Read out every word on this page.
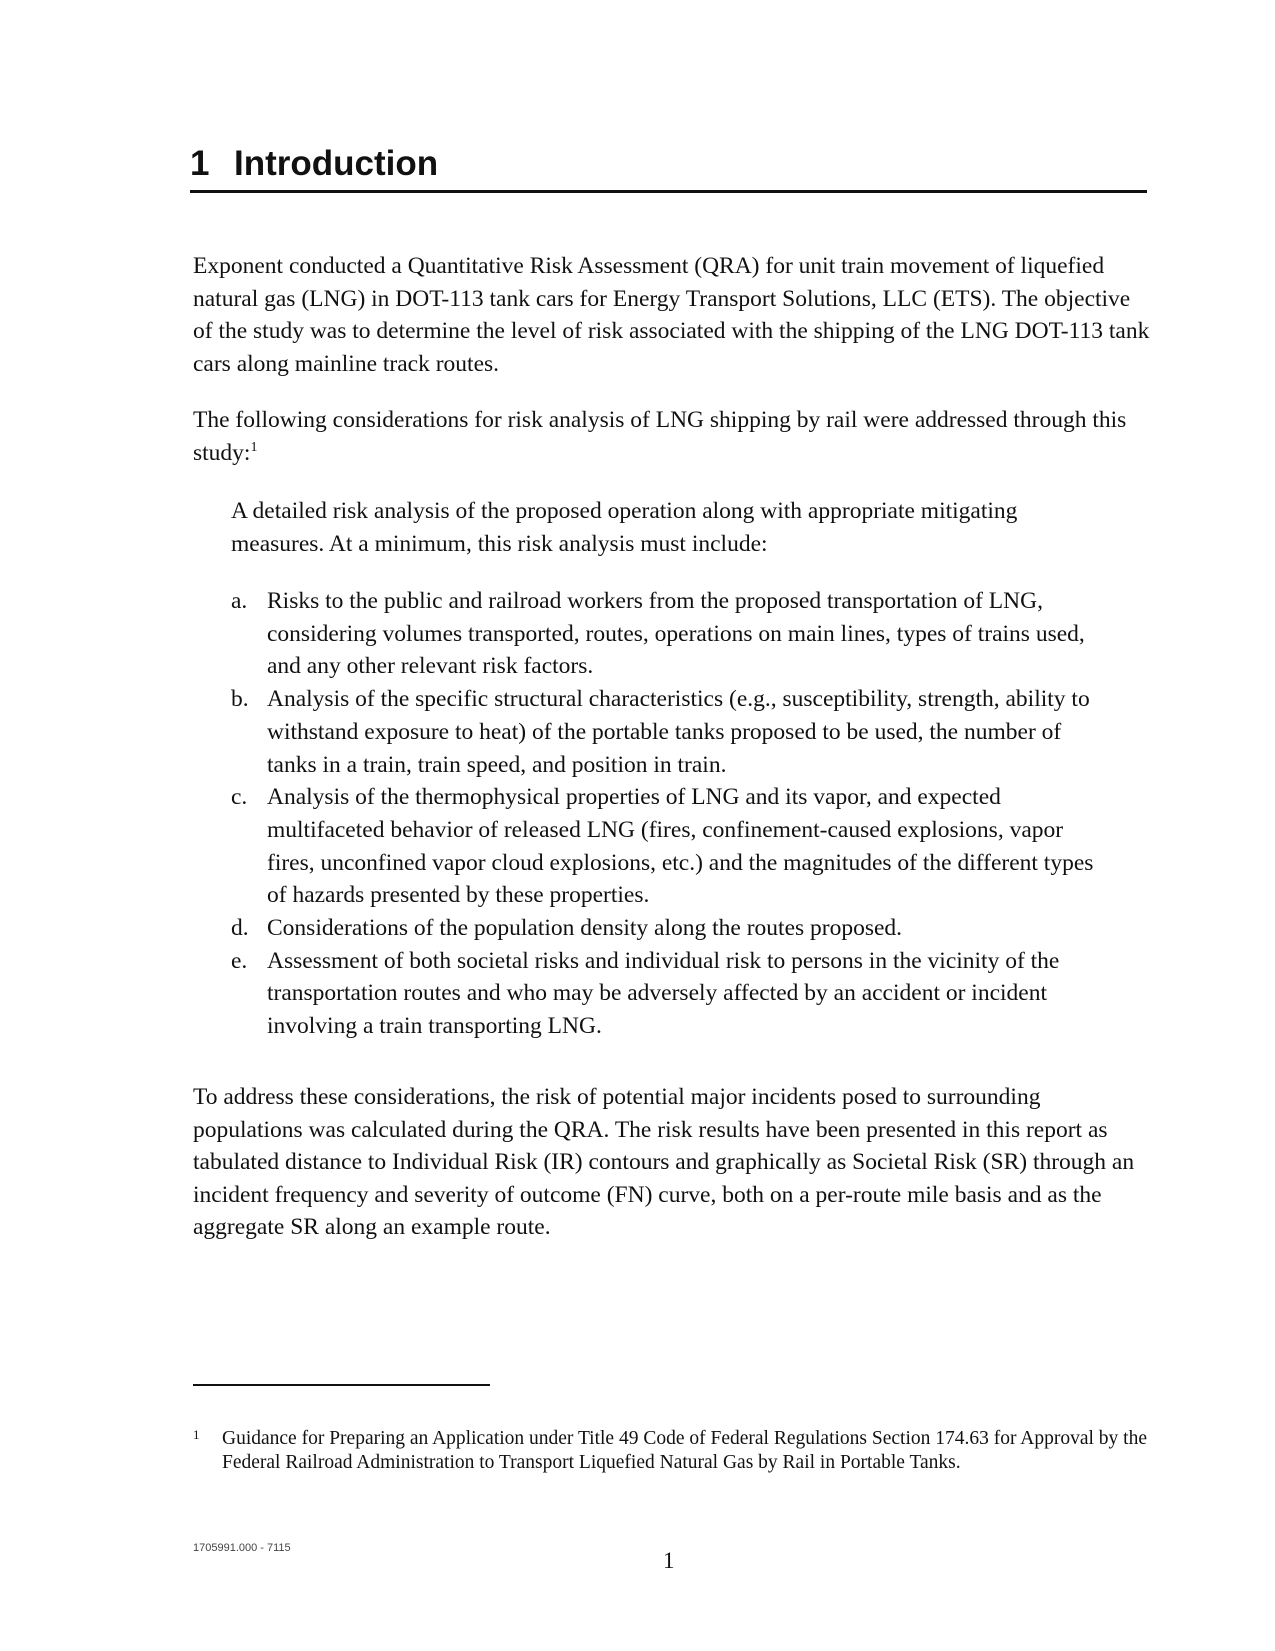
1 Introduction
Exponent conducted a Quantitative Risk Assessment (QRA) for unit train movement of liquefied natural gas (LNG) in DOT-113 tank cars for Energy Transport Solutions, LLC (ETS). The objective of the study was to determine the level of risk associated with the shipping of the LNG DOT-113 tank cars along mainline track routes.
The following considerations for risk analysis of LNG shipping by rail were addressed through this study:$^1$
A detailed risk analysis of the proposed operation along with appropriate mitigating measures. At a minimum, this risk analysis must include:
a. Risks to the public and railroad workers from the proposed transportation of LNG, considering volumes transported, routes, operations on main lines, types of trains used, and any other relevant risk factors.
b. Analysis of the specific structural characteristics (e.g., susceptibility, strength, ability to withstand exposure to heat) of the portable tanks proposed to be used, the number of tanks in a train, train speed, and position in train.
c. Analysis of the thermophysical properties of LNG and its vapor, and expected multifaceted behavior of released LNG (fires, confinement-caused explosions, vapor fires, unconfined vapor cloud explosions, etc.) and the magnitudes of the different types of hazards presented by these properties.
d. Considerations of the population density along the routes proposed.
e. Assessment of both societal risks and individual risk to persons in the vicinity of the transportation routes and who may be adversely affected by an accident or incident involving a train transporting LNG.
To address these considerations, the risk of potential major incidents posed to surrounding populations was calculated during the QRA. The risk results have been presented in this report as tabulated distance to Individual Risk (IR) contours and graphically as Societal Risk (SR) through an incident frequency and severity of outcome (FN) curve, both on a per-route mile basis and as the aggregate SR along an example route.
1 Guidance for Preparing an Application under Title 49 Code of Federal Regulations Section 174.63 for Approval by the Federal Railroad Administration to Transport Liquefied Natural Gas by Rail in Portable Tanks.
1705991.000 - 7115	1
